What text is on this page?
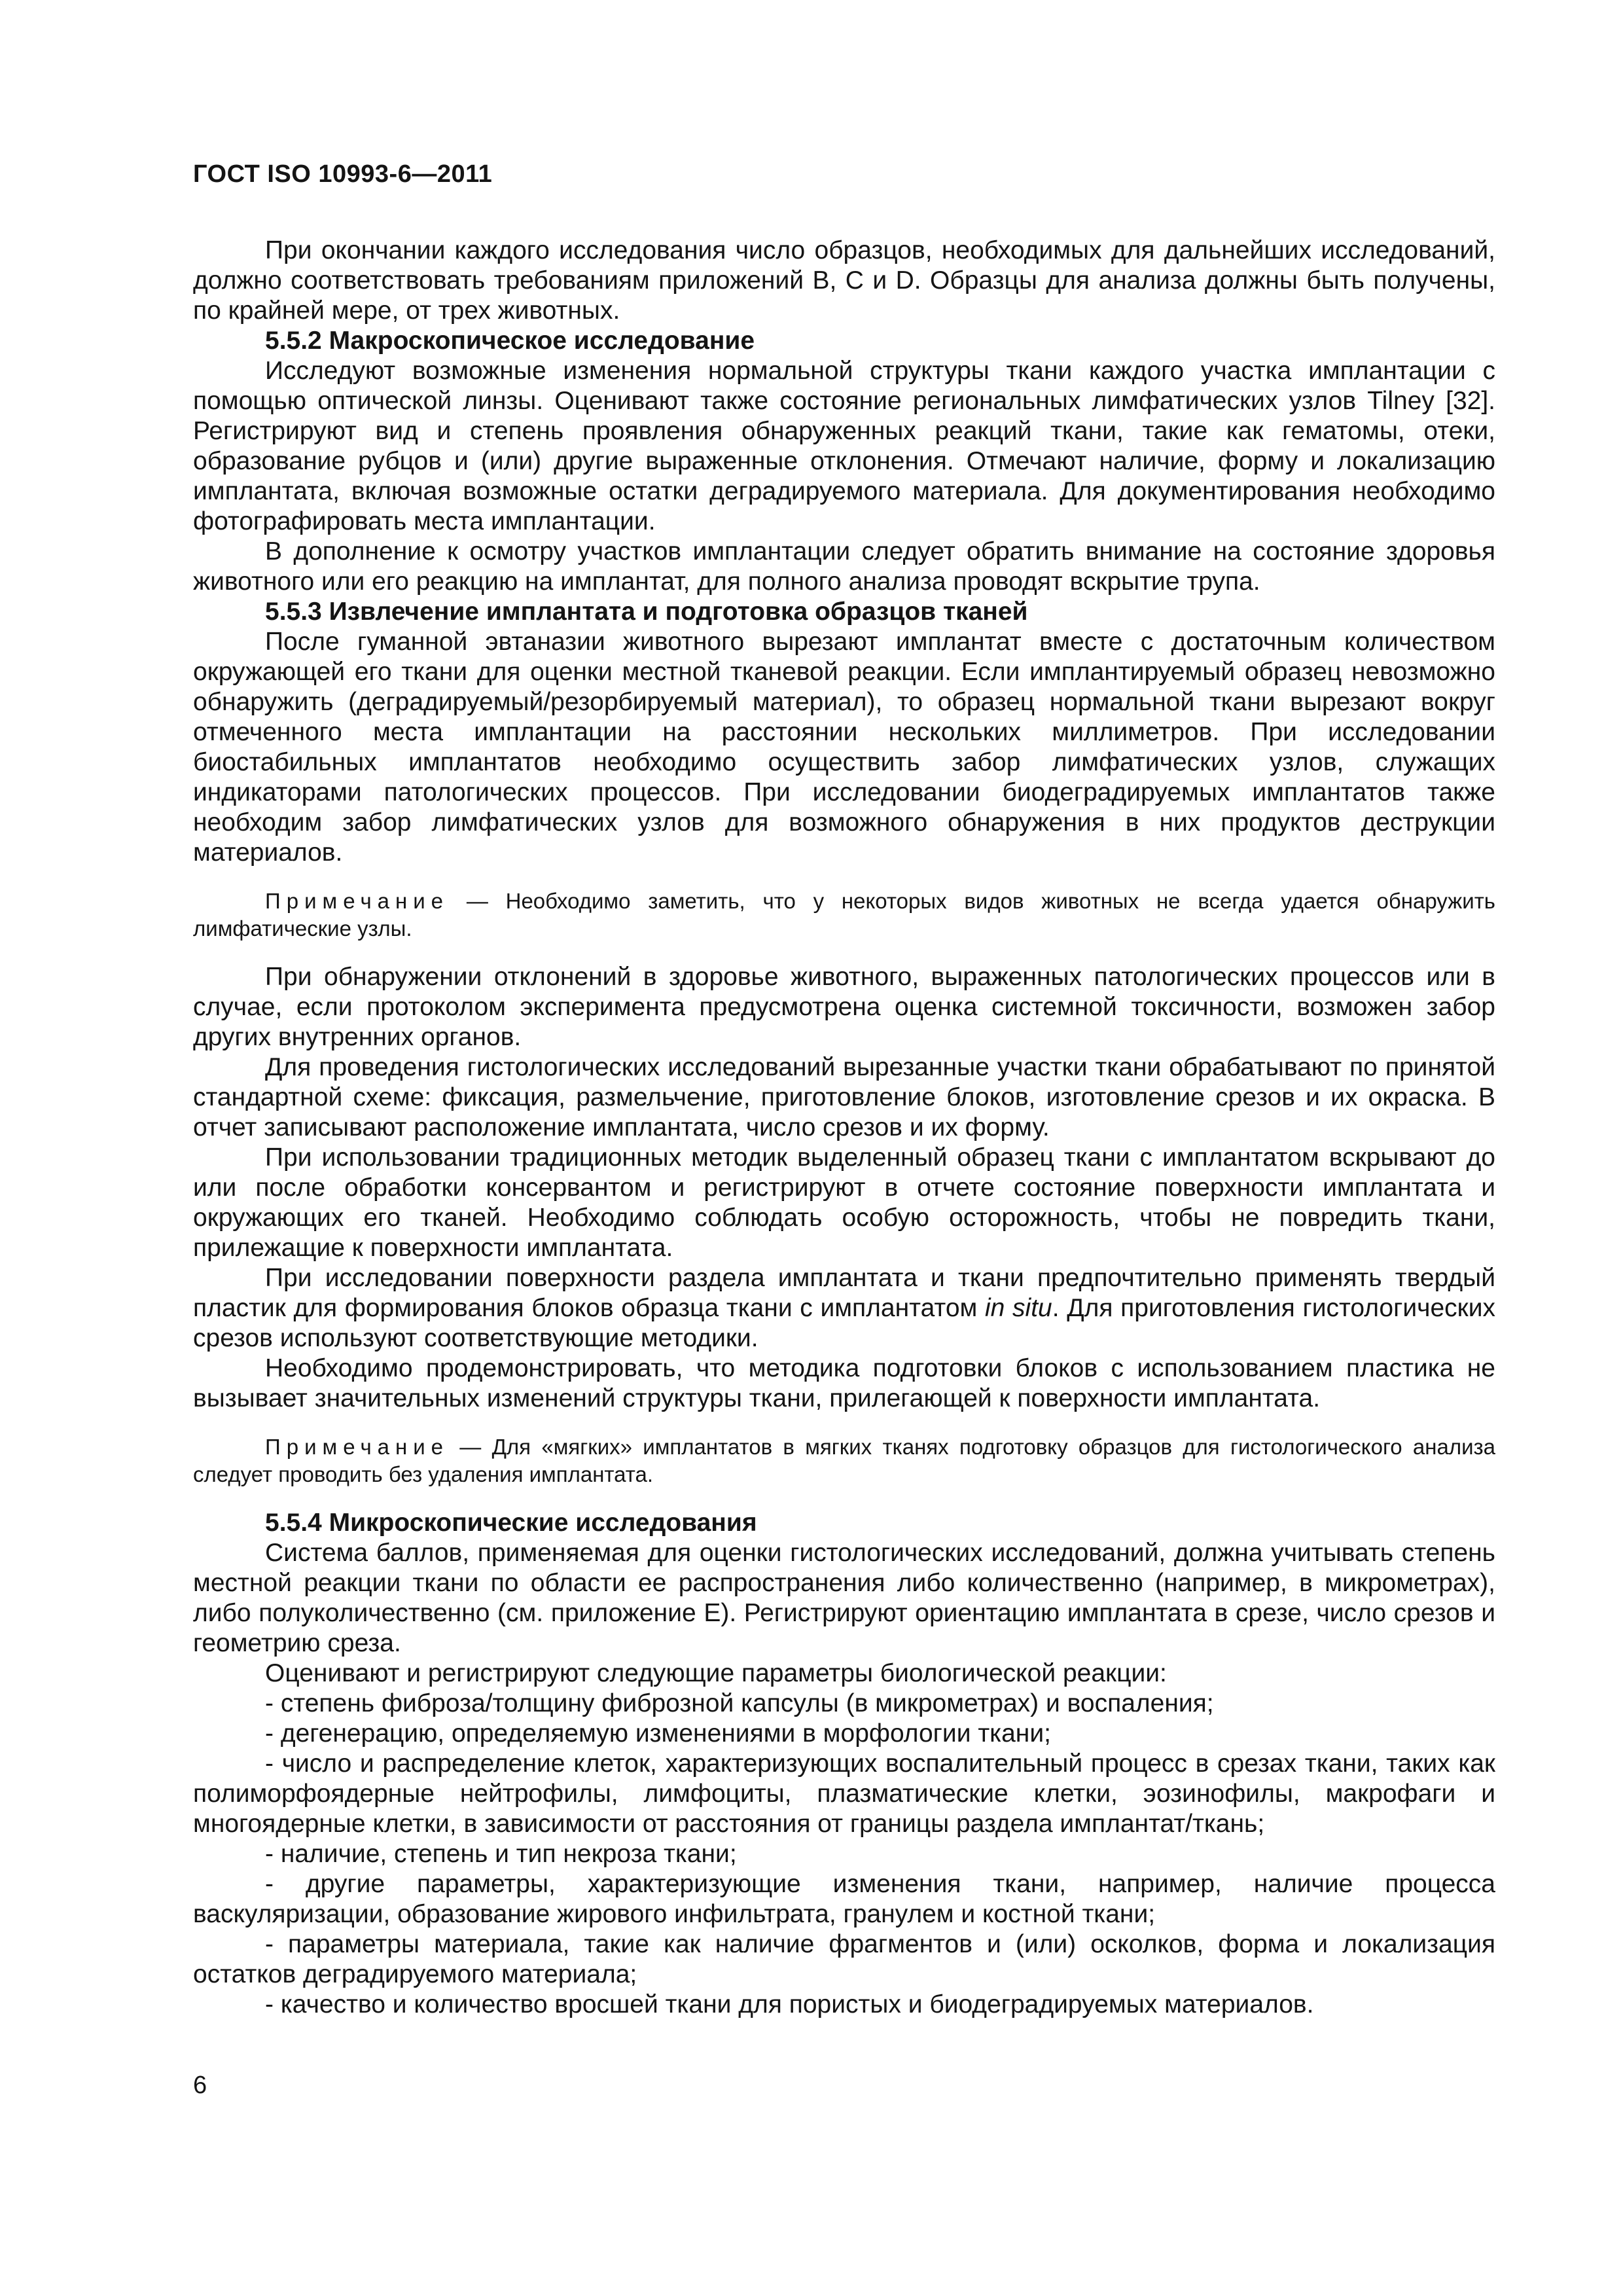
ГОСТ ISO 10993-6—2011

При окончании каждого исследования число образцов, необходимых для дальнейших исследований, должно соответствовать требованиям приложений В, С и D. Образцы для анализа должны быть получены, по крайней мере, от трех животных.

5.5.2 Макроскопическое исследование

Исследуют возможные изменения нормальной структуры ткани каждого участка имплантации с помощью оптической линзы. Оценивают также состояние региональных лимфатических узлов Tilney [32]. Регистрируют вид и степень проявления обнаруженных реакций ткани, такие как гематомы, отеки, образование рубцов и (или) другие выраженные отклонения. Отмечают наличие, форму и локализацию имплантата, включая возможные остатки деградируемого материала. Для документирования необходимо фотографировать места имплантации.

В дополнение к осмотру участков имплантации следует обратить внимание на состояние здоровья животного или его реакцию на имплантат, для полного анализа проводят вскрытие трупа.

5.5.3 Извлечение имплантата и подготовка образцов тканей

После гуманной эвтаназии животного вырезают имплантат вместе с достаточным количеством окружающей его ткани для оценки местной тканевой реакции. Если имплантируемый образец невозможно обнаружить (деградируемый/резорбируемый материал), то образец нормальной ткани вырезают вокруг отмеченного места имплантации на расстоянии нескольких миллиметров. При исследовании биостабильных имплантатов необходимо осуществить забор лимфатических узлов, служащих индикаторами патологических процессов. При исследовании биодеградируемых имплантатов также необходим забор лимфатических узлов для возможного обнаружения в них продуктов деструкции материалов.

Примечание — Необходимо заметить, что у некоторых видов животных не всегда удается обнаружить лимфатические узлы.

При обнаружении отклонений в здоровье животного, выраженных патологических процессов или в случае, если протоколом эксперимента предусмотрена оценка системной токсичности, возможен забор других внутренних органов.

Для проведения гистологических исследований вырезанные участки ткани обрабатывают по принятой стандартной схеме: фиксация, размельчение, приготовление блоков, изготовление срезов и их окраска. В отчет записывают расположение имплантата, число срезов и их форму.

При использовании традиционных методик выделенный образец ткани с имплантатом вскрывают до или после обработки консервантом и регистрируют в отчете состояние поверхности имплантата и окружающих его тканей. Необходимо соблюдать особую осторожность, чтобы не повредить ткани, прилежащие к поверхности имплантата.

При исследовании поверхности раздела имплантата и ткани предпочтительно применять твердый пластик для формирования блоков образца ткани с имплантатом in situ. Для приготовления гистологических срезов используют соответствующие методики.

Необходимо продемонстрировать, что методика подготовки блоков с использованием пластика не вызывает значительных изменений структуры ткани, прилегающей к поверхности имплантата.

Примечание — Для «мягких» имплантатов в мягких тканях подготовку образцов для гистологического анализа следует проводить без удаления имплантата.
5.5.4 Микроскопические исследования

Система баллов, применяемая для оценки гистологических исследований, должна учитывать степень местной реакции ткани по области ее распространения либо количественно (например, в микрометрах), либо полуколичественно (см. приложение Е). Регистрируют ориентацию имплантата в срезе, число срезов и геометрию среза.

Оценивают и регистрируют следующие параметры биологической реакции:

- степень фиброза/толщину фиброзной капсулы (в микрометрах) и воспаления;
- дегенерацию, определяемую изменениями в морфологии ткани;
- число и распределение клеток, характеризующих воспалительный процесс в срезах ткани, таких как полиморфоядерные нейтрофилы, лимфоциты, плазматические клетки, эозинофилы, макрофаги и многоядерные клетки, в зависимости от расстояния от границы раздела имплантат/ткань;
- наличие, степень и тип некроза ткани;
- другие параметры, характеризующие изменения ткани, например, наличие процесса васкуляризации, образование жирового инфильтрата, гранулем и костной ткани;
- параметры материала, такие как наличие фрагментов и (или) осколков, форма и локализация остатков деградируемого материала;
- качество и количество вросшей ткани для пористых и биодеградируемых материалов.
6
